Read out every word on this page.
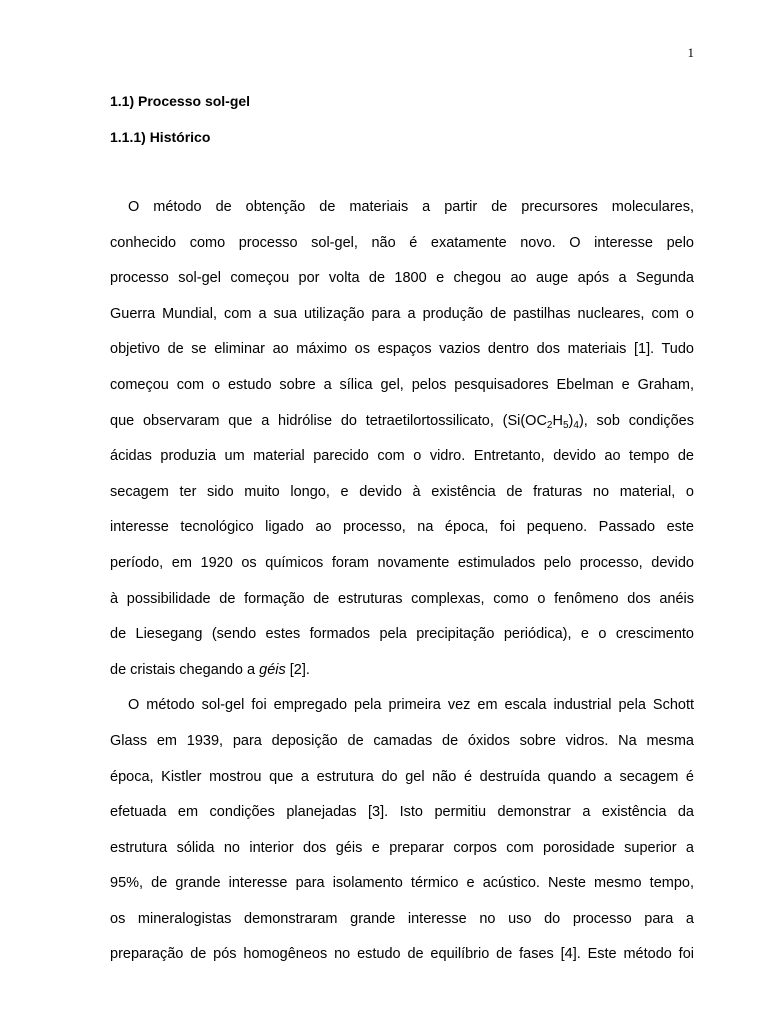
1
1.1) Processo sol-gel
1.1.1) Histórico
O método de obtenção de materiais a partir de precursores moleculares,
conhecido como processo sol-gel, não é exatamente novo. O interesse pelo
processo sol-gel começou por volta de 1800 e chegou ao auge após a Segunda
Guerra Mundial, com a sua utilização para a produção de pastilhas nucleares, com o
objetivo de se eliminar ao máximo os espaços vazios dentro dos materiais [1]. Tudo
começou com o estudo sobre a sílica gel, pelos pesquisadores Ebelman e Graham,
que observaram que a hidrólise do tetraetilortossilicato, $(Si(OC_2H_5)_4)$, sob condições
ácidas produzia um material parecido com o vidro. Entretanto, devido ao tempo de
secagem ter sido muito longo, e devido à existência de fraturas no material, o
interesse tecnológico ligado ao processo, na época, foi pequeno. Passado este
período, em 1920 os químicos foram novamente estimulados pelo processo, devido
à possibilidade de formação de estruturas complexas, como o fenômeno dos anéis
de Liesegang (sendo estes formados pela precipitação periódica), e o crescimento
de cristais chegando a géis [2].
O método sol-gel foi empregado pela primeira vez em escala industrial pela Schott
Glass em 1939, para deposição de camadas de óxidos sobre vidros. Na mesma
época, Kistler mostrou que a estrutura do gel não é destruída quando a secagem é
efetuada em condições planejadas [3]. Isto permitiu demonstrar a existência da
estrutura sólida no interior dos géis e preparar corpos com porosidade superior a
95%, de grande interesse para isolamento térmico e acústico. Neste mesmo tempo,
os mineralogistas demonstraram grande interesse no uso do processo para a
preparação de pós homogêneos no estudo de equilíbrio de fases [4]. Este método foi
